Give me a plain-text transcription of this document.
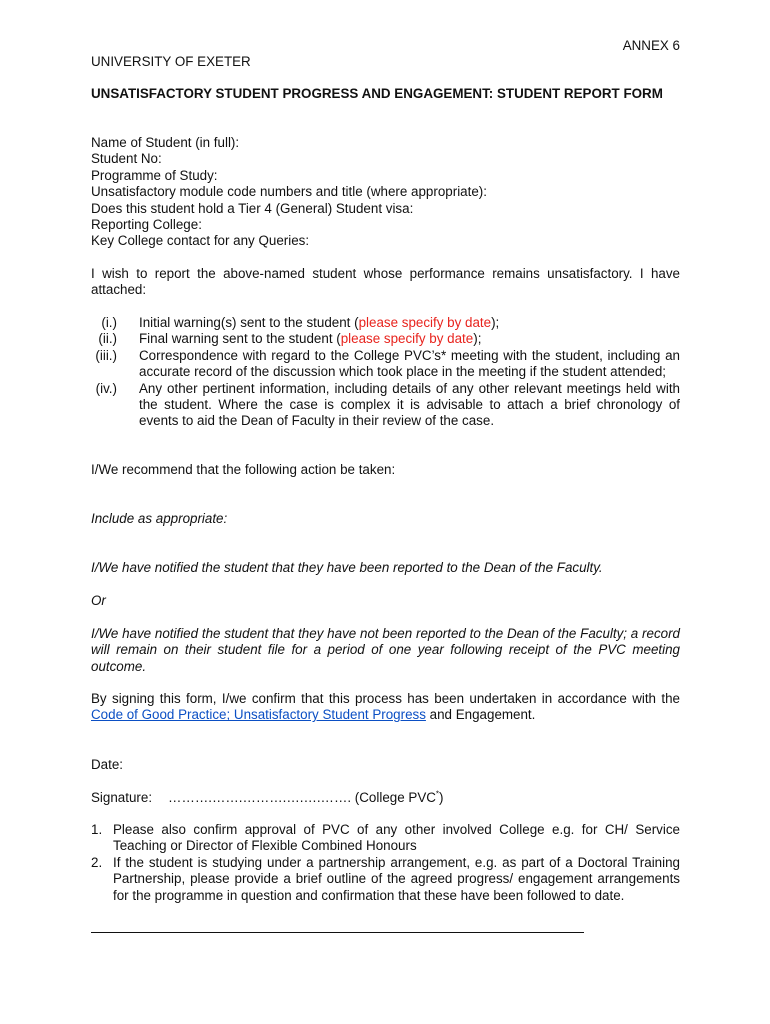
ANNEX 6

UNIVERSITY OF EXETER

UNSATISFACTORY STUDENT PROGRESS AND ENGAGEMENT: STUDENT REPORT FORM

Name of Student (in full):

Student No:

Programme of Study:

Unsatisfactory module code numbers and title (where appropriate):

Does this student hold a Tier 4 (General) Student visa:

Reporting College:

Key College contact for any Queries:

I wish to report the above-named student whose performance remains unsatisfactory. I have attached:

(i.) Initial warning(s) sent to the student (please specify by date);
(ii.) Final warning sent to the student (please specify by date);
(iii.) Correspondence with regard to the College PVC’s* meeting with the student, including an accurate record of the discussion which took place in the meeting if the student attended;
(iv.) Any other pertinent information, including details of any other relevant meetings held with the student. Where the case is complex it is advisable to attach a brief chronology of events to aid the Dean of Faculty in their review of the case.

I/We recommend that the following action be taken:

Include as appropriate:

I/We have notified the student that they have been reported to the Dean of the Faculty.

Or

I/We have notified the student that they have not been reported to the Dean of the Faculty; a record will remain on their student file for a period of one year following receipt of the PVC meeting outcome.

By signing this form, I/we confirm that this process has been undertaken in accordance with the Code of Good Practice; Unsatisfactory Student Progress and Engagement.

Date:

Signature: ……….…….……….….….……. (College PVC*)

1. Please also confirm approval of PVC of any other involved College e.g. for CH/ Service Teaching or Director of Flexible Combined Honours
2. If the student is studying under a partnership arrangement, e.g. as part of a Doctoral Training Partnership, please provide a brief outline of the agreed progress/ engagement arrangements for the programme in question and confirmation that these have been followed to date.
